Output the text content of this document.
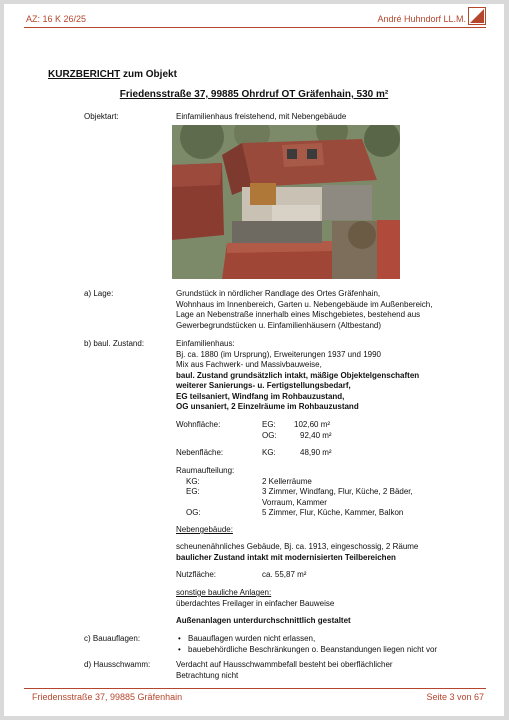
AZ: 16 K 26/25	André Huhndorf LL.M.
KURZBERICHT zum Objekt
Friedensstraße 37, 99885 Ohrdruf OT Gräfenhain, 530 m²
Objektart:	Einfamilienhaus freistehend, mit Nebengebäude
a) Lage:	Grundstück in nördlicher Randlage des Ortes Gräfenhain,
Wohnhaus im Innenbereich, Garten u. Nebengebäude im Außenbereich,
Lage an Nebenstraße innerhalb eines Mischgebietes, bestehend aus
Gewerbegrundstücken u. Einfamilienhäusern (Altbestand)
b) baul. Zustand:	Einfamilienhaus:
Bj. ca. 1880 (im Ursprung), Erweiterungen 1937 und 1990
Mix aus Fachwerk- und Massivbauweise,
baul. Zustand grundsätzlich intakt, mäßige Objektelgenschaften
weiterer Sanierungs- u. Fertigstellungsbedarf,
EG teilsaniert, Windfang im Rohbauzustand,
OG unsaniert, 2 Einzelräume im Rohbauzustand
Wohnfläche:	EG: 102,60 m²
OG:	92,40 m²
Nebenfläche:	KG:	48,90 m²
Raumaufteilung:
KG:	2 Kellerräume
EG:	3 Zimmer, Windfang, Flur, Küche, 2 Bäder,
Vorraum, Kammer
OG:	5 Zimmer, Flur, Küche, Kammer, Balkon
Nebengebäude:
scheunenähnliches Gebäude, Bj. ca. 1913, eingeschossig, 2 Räume
baulicher Zustand intakt mit modernisierten Teilbereichen
Nutzfläche:	ca. 55,87 m²
sonstige bauliche Anlagen:
überdachtes Freilager in einfacher Bauweise
Außenanlagen unterdurchschnittlich gestaltet
c) Bauauflagen:	• Bauauflagen wurden nicht erlassen,
• bauebehördliche Beschränkungen o. Beanstandungen liegen nicht vor
d) Hausschwamm:	Verdacht auf Hausschwammbefall besteht bei oberflächlicher
Betrachtung nicht
Friedensstraße 37, 99885 Gräfenhain	Seite 3 von 67
